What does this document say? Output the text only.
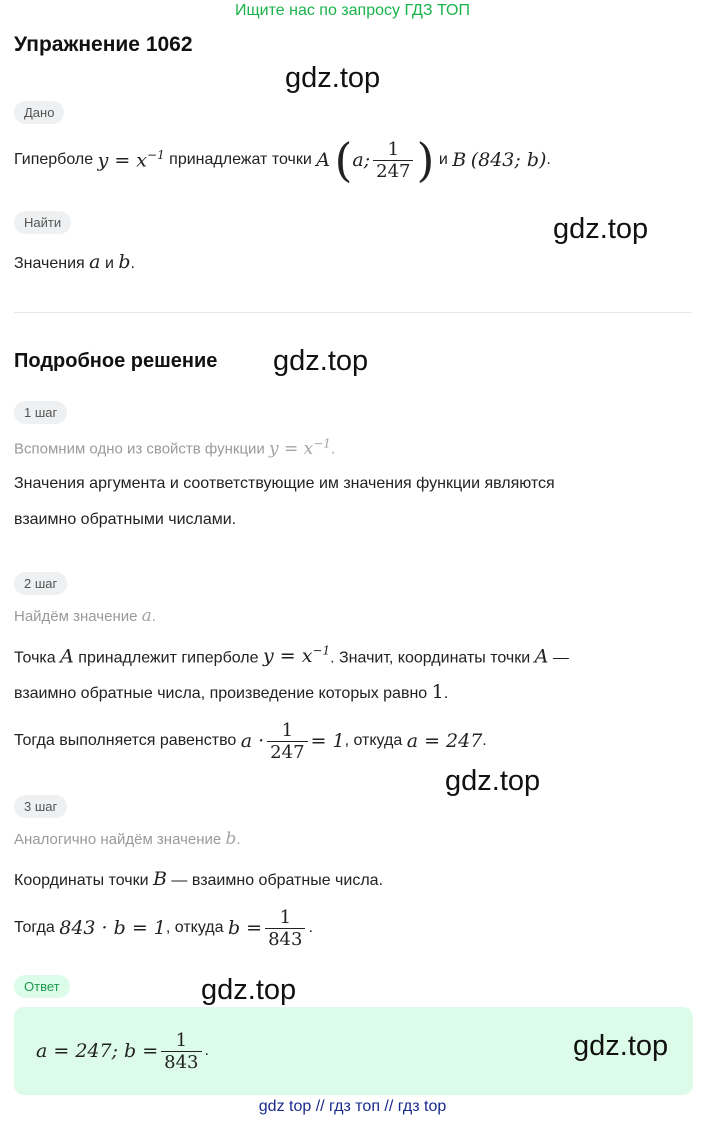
Ищите нас по запросу ГДЗ ТОП
Упражнение 1062
gdz.top
gdz.top
gdz.top
gdz.top
gdz.top
Дано
Гиперболе
$y = x^{-1}$
принадлежат точки
A
( a; $\frac{1}{247}$ )
и
B
(843; b) .
Найти
Значения a и b.
Подробное решение
1 шаг
Вспомним одно из свойств функции $y = x^{-1}$.
Значения аргумента и соответствующие им значения функции являются
взаимно обратными числами.
2 шаг
Найдём значение a.
Точка A принадлежит гиперболе $y = x^{-1}$. Значит, координаты точки A —
взаимно обратные числа, произведение которых равно 1.
Тогда выполняется равенство
$a \cdot \frac{1}{247} = 1$ , откуда
a = 247 .
3 шаг
Аналогично найдём значение b.
Координаты точки B — взаимно обратные числа.
Тогда
843 · b = 1 , откуда
$b = \frac{1}{843}$ .
Ответ
a = 247; $b = \frac{1}{843}$ .	gdz.top
gdz top // гдз топ // гдз top
